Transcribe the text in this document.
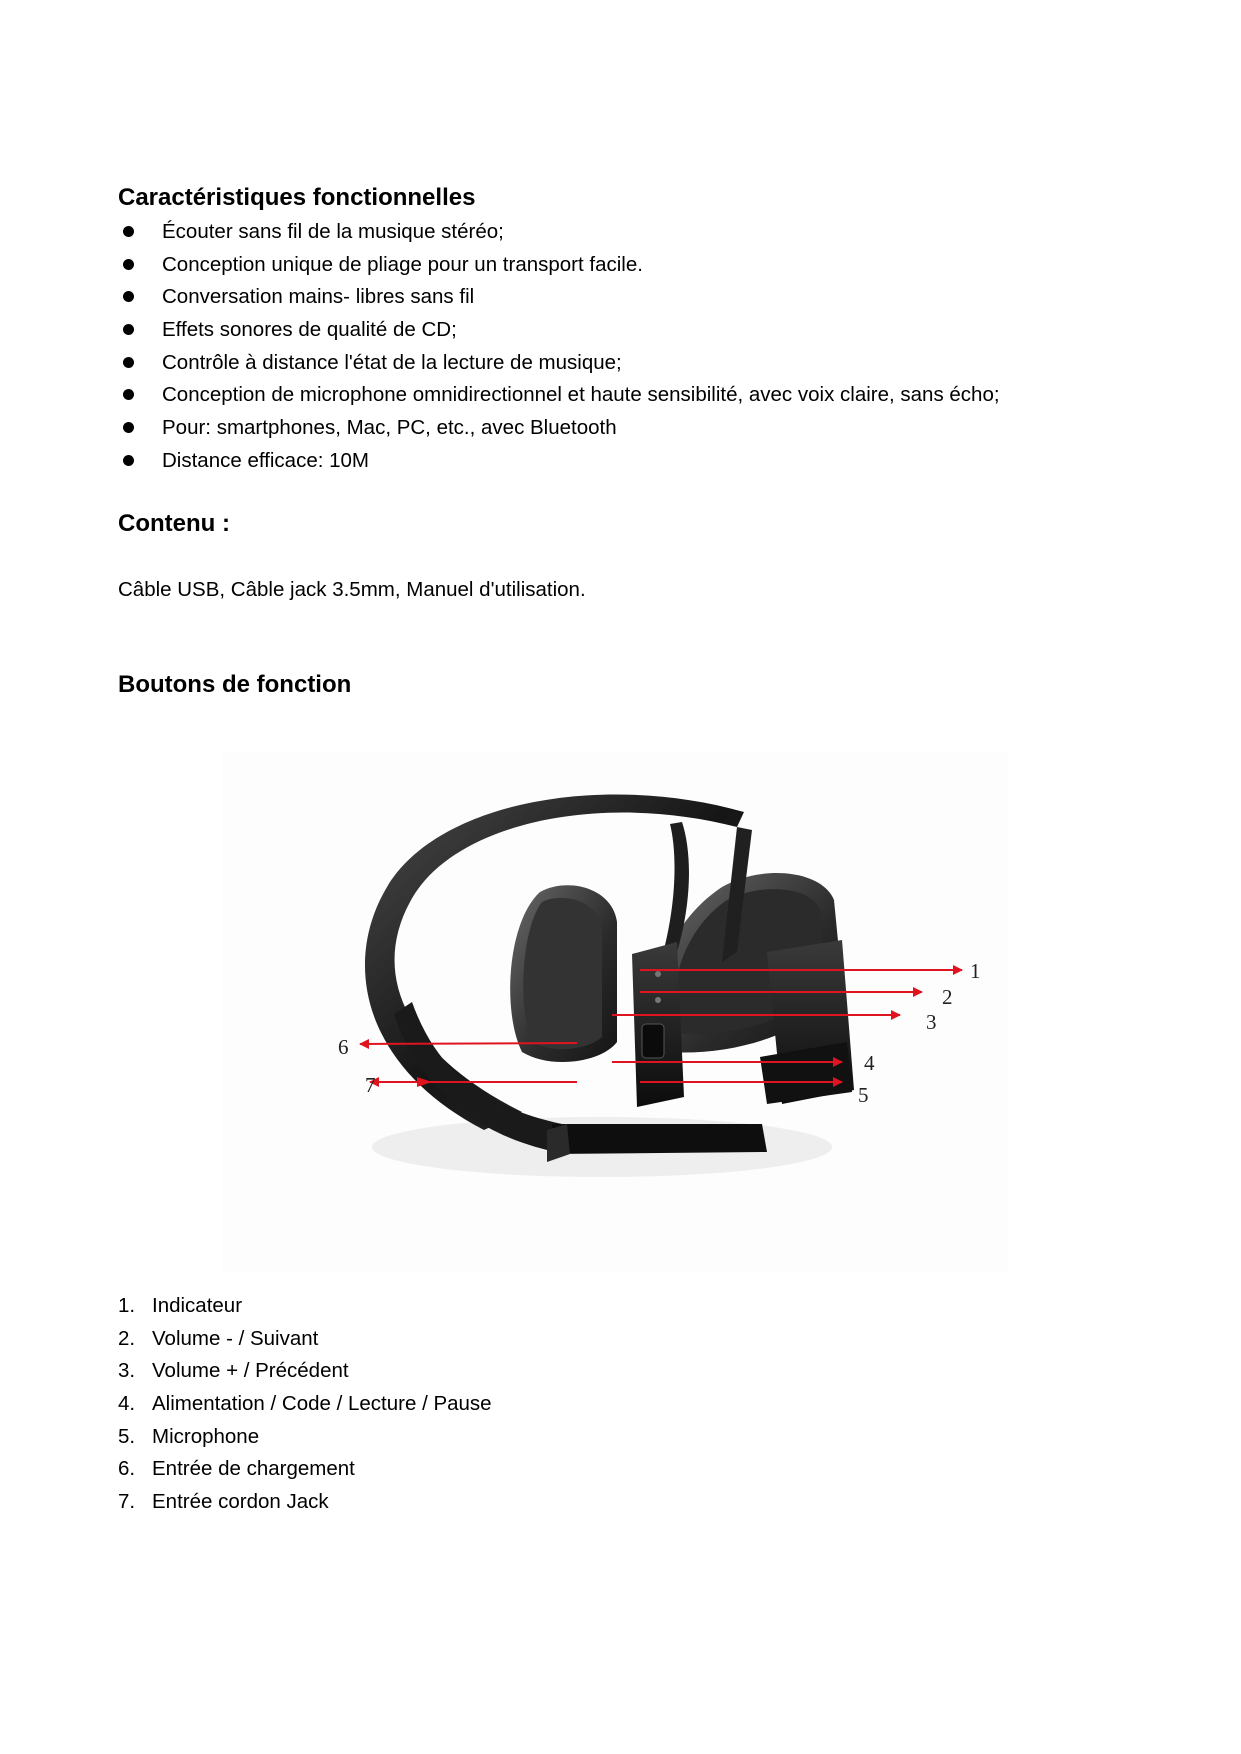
Caractéristiques fonctionnelles
Écouter sans fil de la musique stéréo;
Conception unique de pliage pour un transport facile.
Conversation mains- libres sans fil
Effets sonores de qualité de CD;
Contrôle à distance l'état de la lecture de musique;
Conception de microphone omnidirectionnel et haute sensibilité, avec voix claire, sans écho;
Pour: smartphones, Mac, PC, etc., avec Bluetooth
Distance efficace: 10M
Contenu :

Câble USB, Câble jack 3.5mm, Manuel d'utilisation.

Boutons de fonction
1
2
3
4
5
6
7
1. Indicateur
2. Volume - / Suivant
3. Volume + / Précédent
4. Alimentation / Code / Lecture / Pause
5. Microphone
6. Entrée de chargement
7. Entrée cordon Jack
